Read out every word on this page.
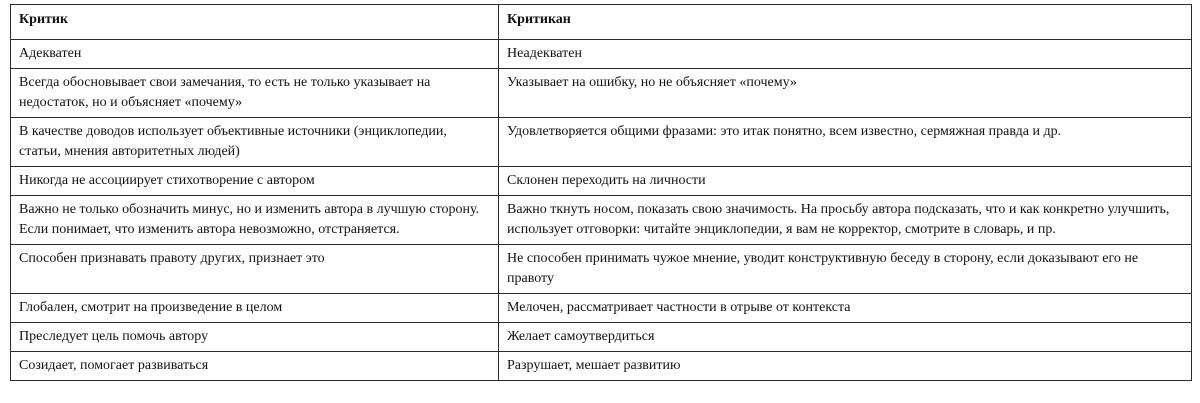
Критик	Критикан
Адекватен	Неадекватен
Всегда обосновывает свои замечания, то есть не только указывает на недостаток, но и объясняет «почему»	Указывает на ошибку, но не объясняет «почему»
В качестве доводов использует объективные источники (энциклопедии, статьи, мнения авторитетных людей)	Удовлетворяется общими фразами: это итак понятно, всем известно, сермяжная правда и др.
Никогда не ассоциирует стихотворение с автором	Склонен переходить на личности
Важно не только обозначить минус, но и изменить автора в лучшую сторону. Если понимает, что изменить автора невозможно, отстраняется.	Важно ткнуть носом, показать свою значимость. На просьбу автора подсказать, что и как конкретно улучшить, использует отговорки: читайте энциклопедии, я вам не корректор, смотрите в словарь, и пр.
Способен признавать правоту других, признает это	Не способен принимать чужое мнение, уводит конструктивную беседу в сторону, если доказывают его не правоту
Глобален, смотрит на произведение в целом	Мелочен, рассматривает частности в отрыве от контекста
Преследует цель помочь автору	Желает самоутвердиться
Созидает, помогает развиваться	Разрушает, мешает развитию
